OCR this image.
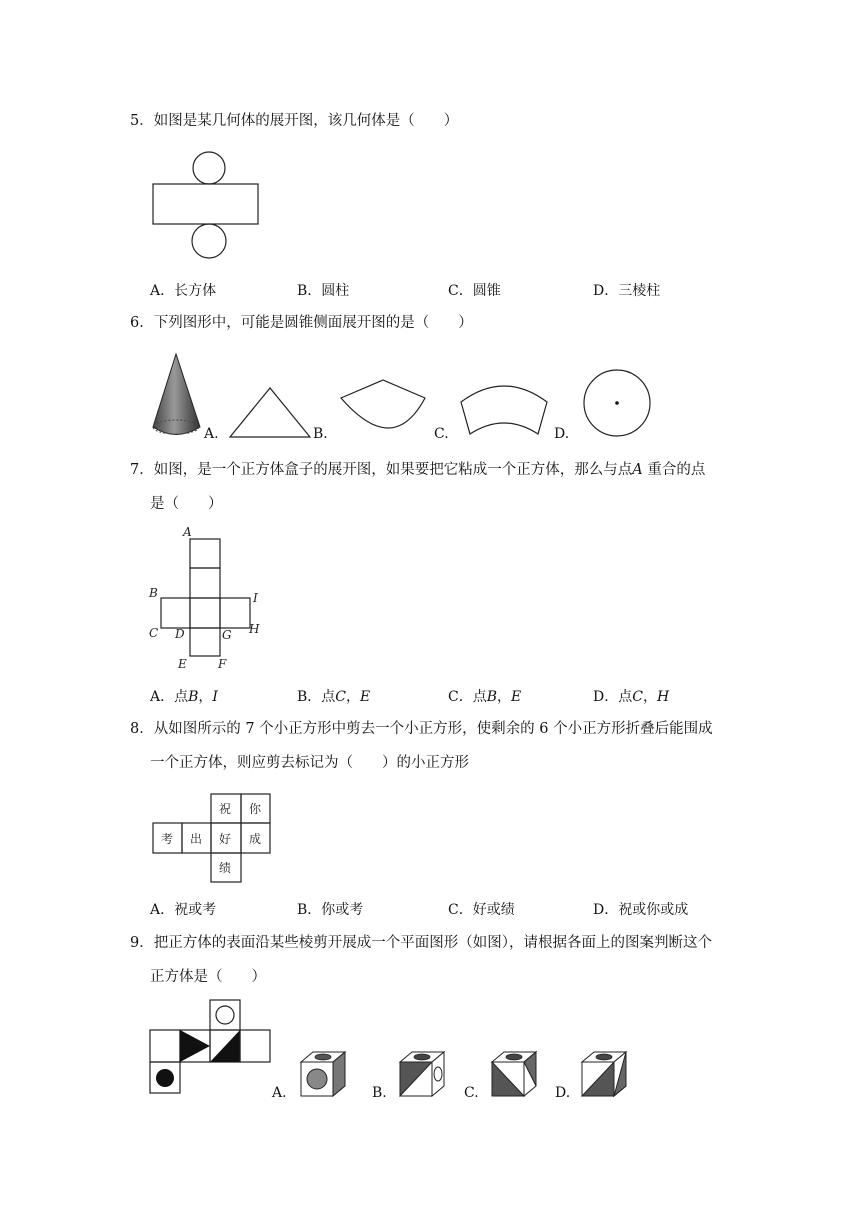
5．如图是某几何体的展开图，该几何体是（　　）
A．长方体	B．圆柱	C．圆锥	D．三棱柱
6．下列图形中，可能是圆锥侧面展开图的是（　　）
A.	B.	C.	D.
7．如图，是一个正方体盒子的展开图，如果要把它粘成一个正方体，那么与点A 重合的点
是（　　）
A
B	I
C D	G H
E	F
A．点B，I	B．点C，E	C．点B，E	D．点C，H
8．从如图所示的 7 个小正方形中剪去一个小正方形，使剩余的 6 个小正方形折叠后能围成
一个正方体，则应剪去标记为（　　）的小正方形
祝 你
考 出 好 成
绩
A．祝或考	B．你或考	C．好或绩	D．祝或你或成
9．把正方体的表面沿某些棱剪开展成一个平面图形（如图），请根据各面上的图案判断这个
正方体是（　　）
A.	B.	C.	D.
